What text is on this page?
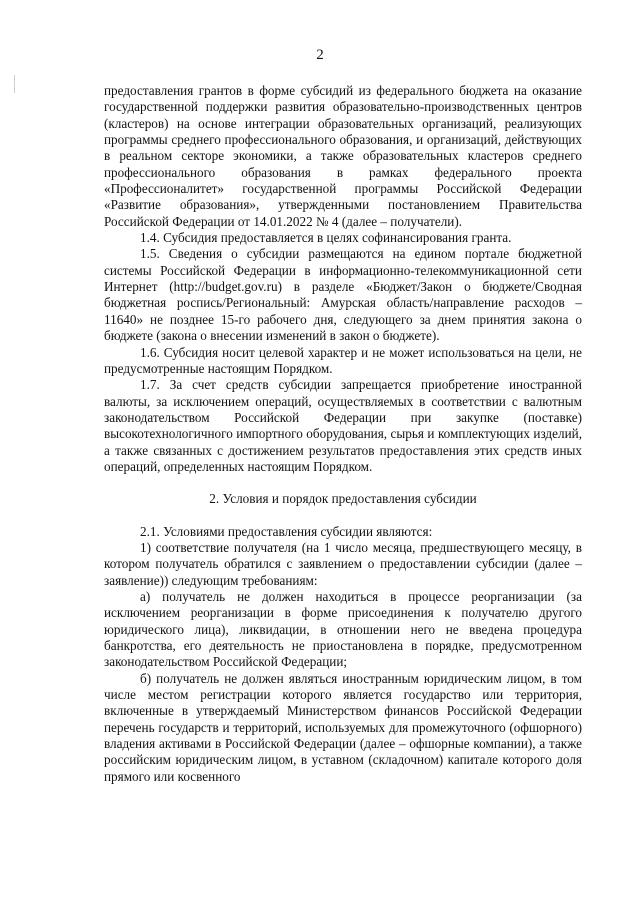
2

предоставления грантов в форме субсидий из федерального бюджета на оказание государственной поддержки развития образовательно-производственных центров (кластеров) на основе интеграции образовательных организаций, реализующих программы среднего профессионального образования, и организаций, действующих в реальном секторе экономики, а также образовательных кластеров среднего профессионального образования в рамках федерального проекта «Профессионалитет» государственной программы Российской Федерации «Развитие образования», утвержденными постановлением Правительства Российской Федерации от 14.01.2022 № 4 (далее – получатели).

1.4. Субсидия предоставляется в целях софинансирования гранта.

1.5. Сведения о субсидии размещаются на едином портале бюджетной системы Российской Федерации в информационно-телекоммуникационной сети Интернет (http://budget.gov.ru) в разделе «Бюджет/Закон о бюджете/Сводная бюджетная роспись/Региональный: Амурская область/направление расходов – 11640» не позднее 15-го рабочего дня, следующего за днем принятия закона о бюджете (закона о внесении изменений в закон о бюджете).

1.6. Субсидия носит целевой характер и не может использоваться на цели, не предусмотренные настоящим Порядком.

1.7. За счет средств субсидии запрещается приобретение иностранной валюты, за исключением операций, осуществляемых в соответствии с валютным законодательством Российской Федерации при закупке (поставке) высокотехнологичного импортного оборудования, сырья и комплектующих изделий, а также связанных с достижением результатов предоставления этих средств иных операций, определенных настоящим Порядком.

2. Условия и порядок предоставления субсидии

2.1. Условиями предоставления субсидии являются:

1) соответствие получателя (на 1 число месяца, предшествующего месяцу, в котором получатель обратился с заявлением о предоставлении субсидии (далее – заявление)) следующим требованиям:

а) получатель не должен находиться в процессе реорганизации (за исключением реорганизации в форме присоединения к получателю другого юридического лица), ликвидации, в отношении него не введена процедура банкротства, его деятельность не приостановлена в порядке, предусмотренном законодательством Российской Федерации;

б) получатель не должен являться иностранным юридическим лицом, в том числе местом регистрации которого является государство или территория, включенные в утверждаемый Министерством финансов Российской Федерации перечень государств и территорий, используемых для промежуточного (офшорного) владения активами в Российской Федерации (далее – офшорные компании), а также российским юридическим лицом, в уставном (складочном) капитале которого доля прямого или косвенного
